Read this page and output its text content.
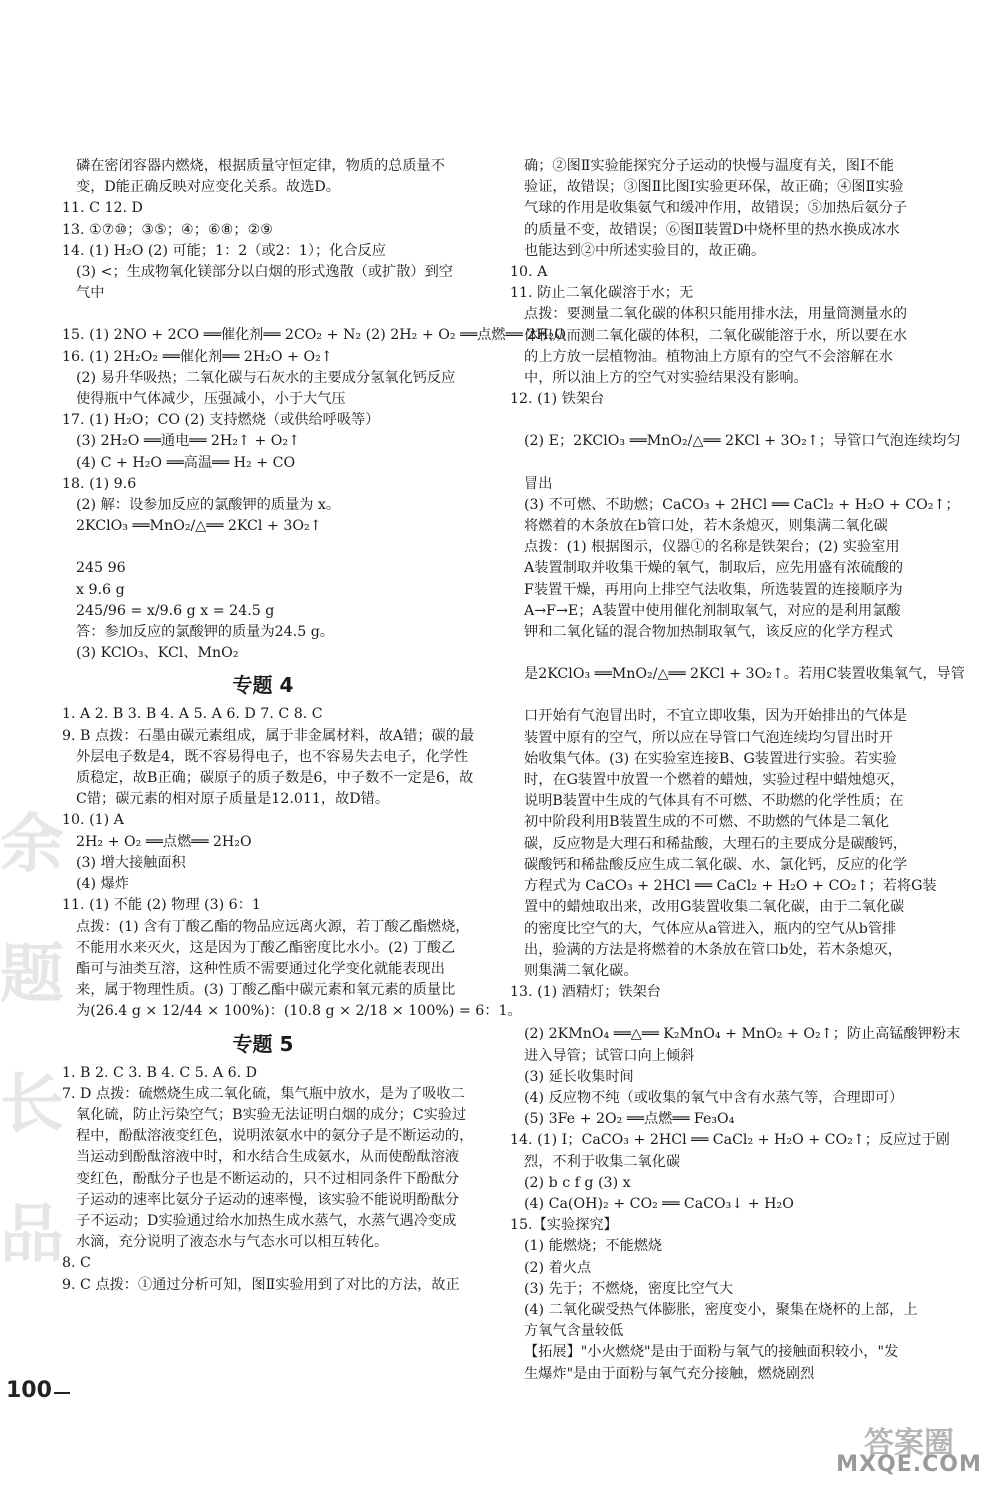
余
题
长
品
磷在密闭容器内燃烧，根据质量守恒定律，物质的总质量不
变，D能正确反映对应变化关系。故选D。
11. C 12. D
13. ①⑦⑩；③⑤；④；⑥⑧；②⑨
14. (1) H₂O (2) 可能；1：2（或2：1）；化合反应
(3) <；生成物氧化镁部分以白烟的形式逸散（或扩散）到空
气中
15. (1) 2NO + 2CO ══催化剂══ 2CO₂ + N₂ (2) 2H₂ + O₂ ══点燃══ 2H₂O
16. (1) 2H₂O₂ ══催化剂══ 2H₂O + O₂↑
(2) 易升华吸热；二氧化碳与石灰水的主要成分氢氧化钙反应
使得瓶中气体减少，压强减小，小于大气压
17. (1) H₂O；CO (2) 支持燃烧（或供给呼吸等）
(3) 2H₂O ══通电══ 2H₂↑ + O₂↑
(4) C + H₂O ══高温══ H₂ + CO
18. (1) 9.6
(2) 解：设参加反应的氯酸钾的质量为 x。
2KClO₃ ══MnO₂/△══ 2KCl + 3O₂↑
245 96
x 9.6 g
245/96 = x/9.6 g x = 24.5 g
答：参加反应的氯酸钾的质量为24.5 g。
(3) KClO₃、KCl、MnO₂
专题 4
1. A 2. B 3. B 4. A 5. A 6. D 7. C 8. C
9. B 点拨：石墨由碳元素组成，属于非金属材料，故A错；碳的最
外层电子数是4，既不容易得电子，也不容易失去电子，化学性
质稳定，故B正确；碳原子的质子数是6，中子数不一定是6，故
C错；碳元素的相对原子质量是12.011，故D错。
10. (1) A
2H₂ + O₂ ══点燃══ 2H₂O
(3) 增大接触面积
(4) 爆炸
11. (1) 不能 (2) 物理 (3) 6：1
点拨：(1) 含有丁酸乙酯的物品应远离火源，若丁酸乙酯燃烧，
不能用水来灭火，这是因为丁酸乙酯密度比水小。(2) 丁酸乙
酯可与油类互溶，这种性质不需要通过化学变化就能表现出
来，属于物理性质。(3) 丁酸乙酯中碳元素和氧元素的质量比
为(26.4 g × 12/44 × 100%)：(10.8 g × 2/18 × 100%) = 6：1。
专题 5
1. B 2. C 3. B 4. C 5. A 6. D
7. D 点拨：硫燃烧生成二氧化硫，集气瓶中放水，是为了吸收二
氧化硫，防止污染空气；B实验无法证明白烟的成分；C实验过
程中，酚酞溶液变红色，说明浓氨水中的氨分子是不断运动的，
当运动到酚酞溶液中时，和水结合生成氨水，从而使酚酞溶液
变红色，酚酞分子也是不断运动的，只不过相同条件下酚酞分
子运动的速率比氨分子运动的速率慢，该实验不能说明酚酞分
子不运动；D实验通过给水加热生成水蒸气，水蒸气遇冷变成
水滴，充分说明了液态水与气态水可以相互转化。
8. C
9. C 点拨：①通过分析可知，图Ⅱ实验用到了对比的方法，故正
确；②图Ⅱ实验能探究分子运动的快慢与温度有关，图Ⅰ不能
验证，故错误；③图Ⅱ比图Ⅰ实验更环保，故正确；④图Ⅱ实验
气球的作用是收集氨气和缓冲作用，故错误；⑤加热后氨分子
的质量不变，故错误；⑥图Ⅱ装置D中烧杯里的热水换成冰水
也能达到②中所述实验目的，故正确。
10. A
11. 防止二氧化碳溶于水；无
点拨：要测量二氧化碳的体积只能用排水法，用量筒测量水的
体积从而测二氧化碳的体积，二氧化碳能溶于水，所以要在水
的上方放一层植物油。植物油上方原有的空气不会溶解在水
中，所以油上方的空气对实验结果没有影响。
12. (1) 铁架台
(2) E；2KClO₃ ══MnO₂/△══ 2KCl + 3O₂↑；导管口气泡连续均匀
冒出
(3) 不可燃、不助燃；CaCO₃ + 2HCl ══ CaCl₂ + H₂O + CO₂↑；
将燃着的木条放在b管口处，若木条熄灭，则集满二氧化碳
点拨：(1) 根据图示，仪器①的名称是铁架台；(2) 实验室用
A装置制取并收集干燥的氧气，制取后，应先用盛有浓硫酸的
F装置干燥，再用向上排空气法收集，所选装置的连接顺序为
A→F→E；A装置中使用催化剂制取氧气，对应的是利用氯酸
钾和二氧化锰的混合物加热制取氧气，该反应的化学方程式
是2KClO₃ ══MnO₂/△══ 2KCl + 3O₂↑。若用C装置收集氧气，导管
口开始有气泡冒出时，不宜立即收集，因为开始排出的气体是
装置中原有的空气，所以应在导管口气泡连续均匀冒出时开
始收集气体。(3) 在实验室连接B、G装置进行实验。若实验
时，在G装置中放置一个燃着的蜡烛，实验过程中蜡烛熄灭，
说明B装置中生成的气体具有不可燃、不助燃的化学性质；在
初中阶段利用B装置生成的不可燃、不助燃的气体是二氧化
碳，反应物是大理石和稀盐酸，大理石的主要成分是碳酸钙，
碳酸钙和稀盐酸反应生成二氧化碳、水、氯化钙，反应的化学
方程式为 CaCO₃ + 2HCl ══ CaCl₂ + H₂O + CO₂↑；若将G装
置中的蜡烛取出来，改用G装置收集二氧化碳，由于二氧化碳
的密度比空气的大，气体应从a管进入，瓶内的空气从b管排
出，验满的方法是将燃着的木条放在管口b处，若木条熄灭，
则集满二氧化碳。
13. (1) 酒精灯；铁架台
(2) 2KMnO₄ ══△══ K₂MnO₄ + MnO₂ + O₂↑；防止高锰酸钾粉末
进入导管；试管口向上倾斜
(3) 延长收集时间
(4) 反应物不纯（或收集的氧气中含有水蒸气等，合理即可）
(5) 3Fe + 2O₂ ══点燃══ Fe₃O₄
14. (1) Ⅰ；CaCO₃ + 2HCl ══ CaCl₂ + H₂O + CO₂↑；反应过于剧
烈，不利于收集二氧化碳
(2) b c f g (3) x
(4) Ca(OH)₂ + CO₂ ══ CaCO₃↓ + H₂O
15.【实验探究】
(1) 能燃烧；不能燃烧
(2) 着火点
(3) 先于；不燃烧，密度比空气大
(4) 二氧化碳受热气体膨胀，密度变小，聚集在烧杯的上部，上
方氧气含量较低
【拓展】"小火燃烧"是由于面粉与氧气的接触面积较小，"发
生爆炸"是由于面粉与氧气充分接触，燃烧剧烈
100
答案圈
MXQE.COM
